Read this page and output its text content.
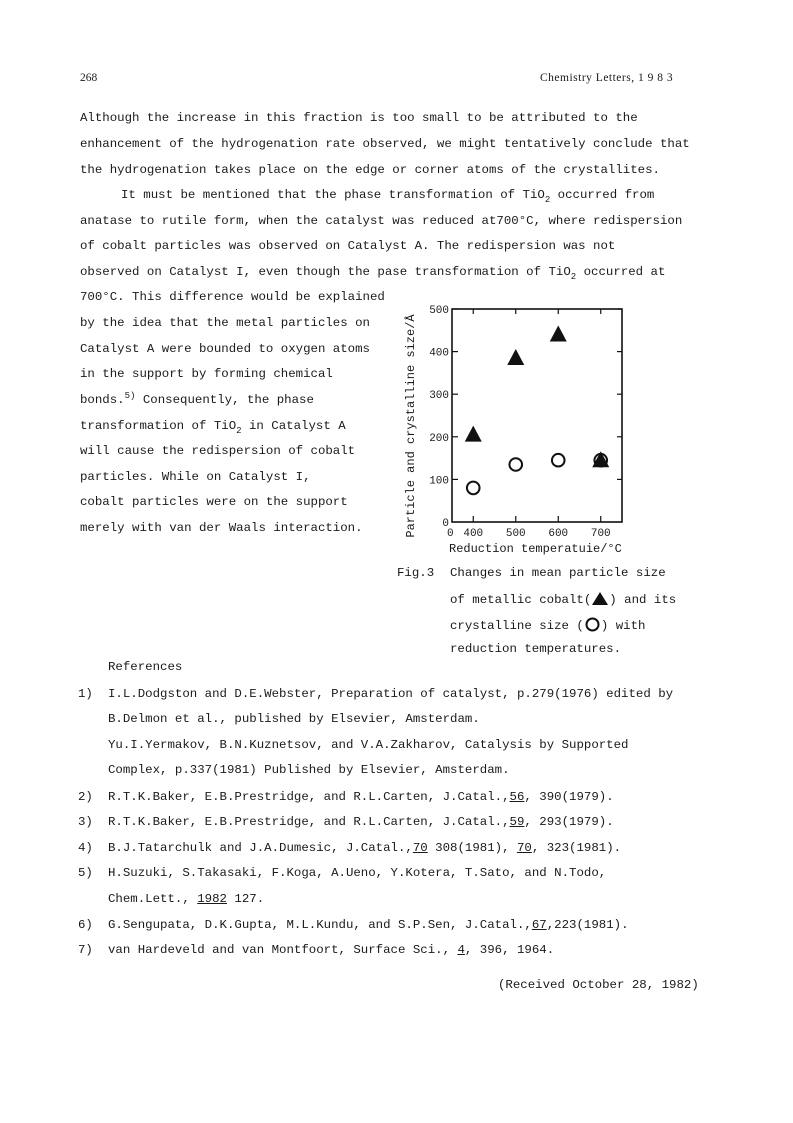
268	Chemistry Letters, 1 9 8 3
Although the increase in this fraction is too small to be attributed to the
enhancement of the hydrogenation rate observed, we might tentatively conclude that
the hydrogenation takes place on the edge or corner atoms of the crystallites.
It must be mentioned that the phase transformation of TiO$_2$ occurred from
anatase to rutile form, when the catalyst was reduced at700°C, where redispersion
of cobalt particles was observed on Catalyst A. The redispersion was not
observed on Catalyst I, even though the pase transformation of TiO$_2$ occurred at
700°C. This difference would be explained
by the idea that the metal particles on
Catalyst A were bounded to oxygen atoms
in the support by forming chemical
bonds.$^{5)}$ Consequently, the phase
transformation of TiO$_2$ in Catalyst A
will cause the redispersion of cobalt
particles. While on Catalyst I,
cobalt particles were on the support
merely with van der Waals interaction.	0
100
200
300
400
500
0 400 500 600 700
Reduction temperatuie/°C
Particle and crystalline size/Å
Fig.3 Changes in mean particle size
of metallic cobalt( ) and its
crystalline size ( ) with
reduction temperatures.
References
1) I.L.Dodgston and D.E.Webster, Preparation of catalyst, p.279(1976) edited by
B.Delmon et al., published by Elsevier, Amsterdam.
Yu.I.Yermakov, B.N.Kuznetsov, and V.A.Zakharov, Catalysis by Supported
Complex, p.337(1981) Published by Elsevier, Amsterdam.
2) R.T.K.Baker, E.B.Prestridge, and R.L.Carten, J.Catal.,56, 390(1979).
3) R.T.K.Baker, E.B.Prestridge, and R.L.Carten, J.Catal.,59, 293(1979).
4) B.J.Tatarchulk and J.A.Dumesic, J.Catal.,70 308(1981), 70, 323(1981).
5) H.Suzuki, S.Takasaki, F.Koga, A.Ueno, Y.Kotera, T.Sato, and N.Todo,
Chem.Lett., 1982 127.
6) G.Sengupata, D.K.Gupta, M.L.Kundu, and S.P.Sen, J.Catal.,67,223(1981).
7) van Hardeveld and van Montfoort, Surface Sci., 4, 396, 1964.
(Received October 28, 1982)
